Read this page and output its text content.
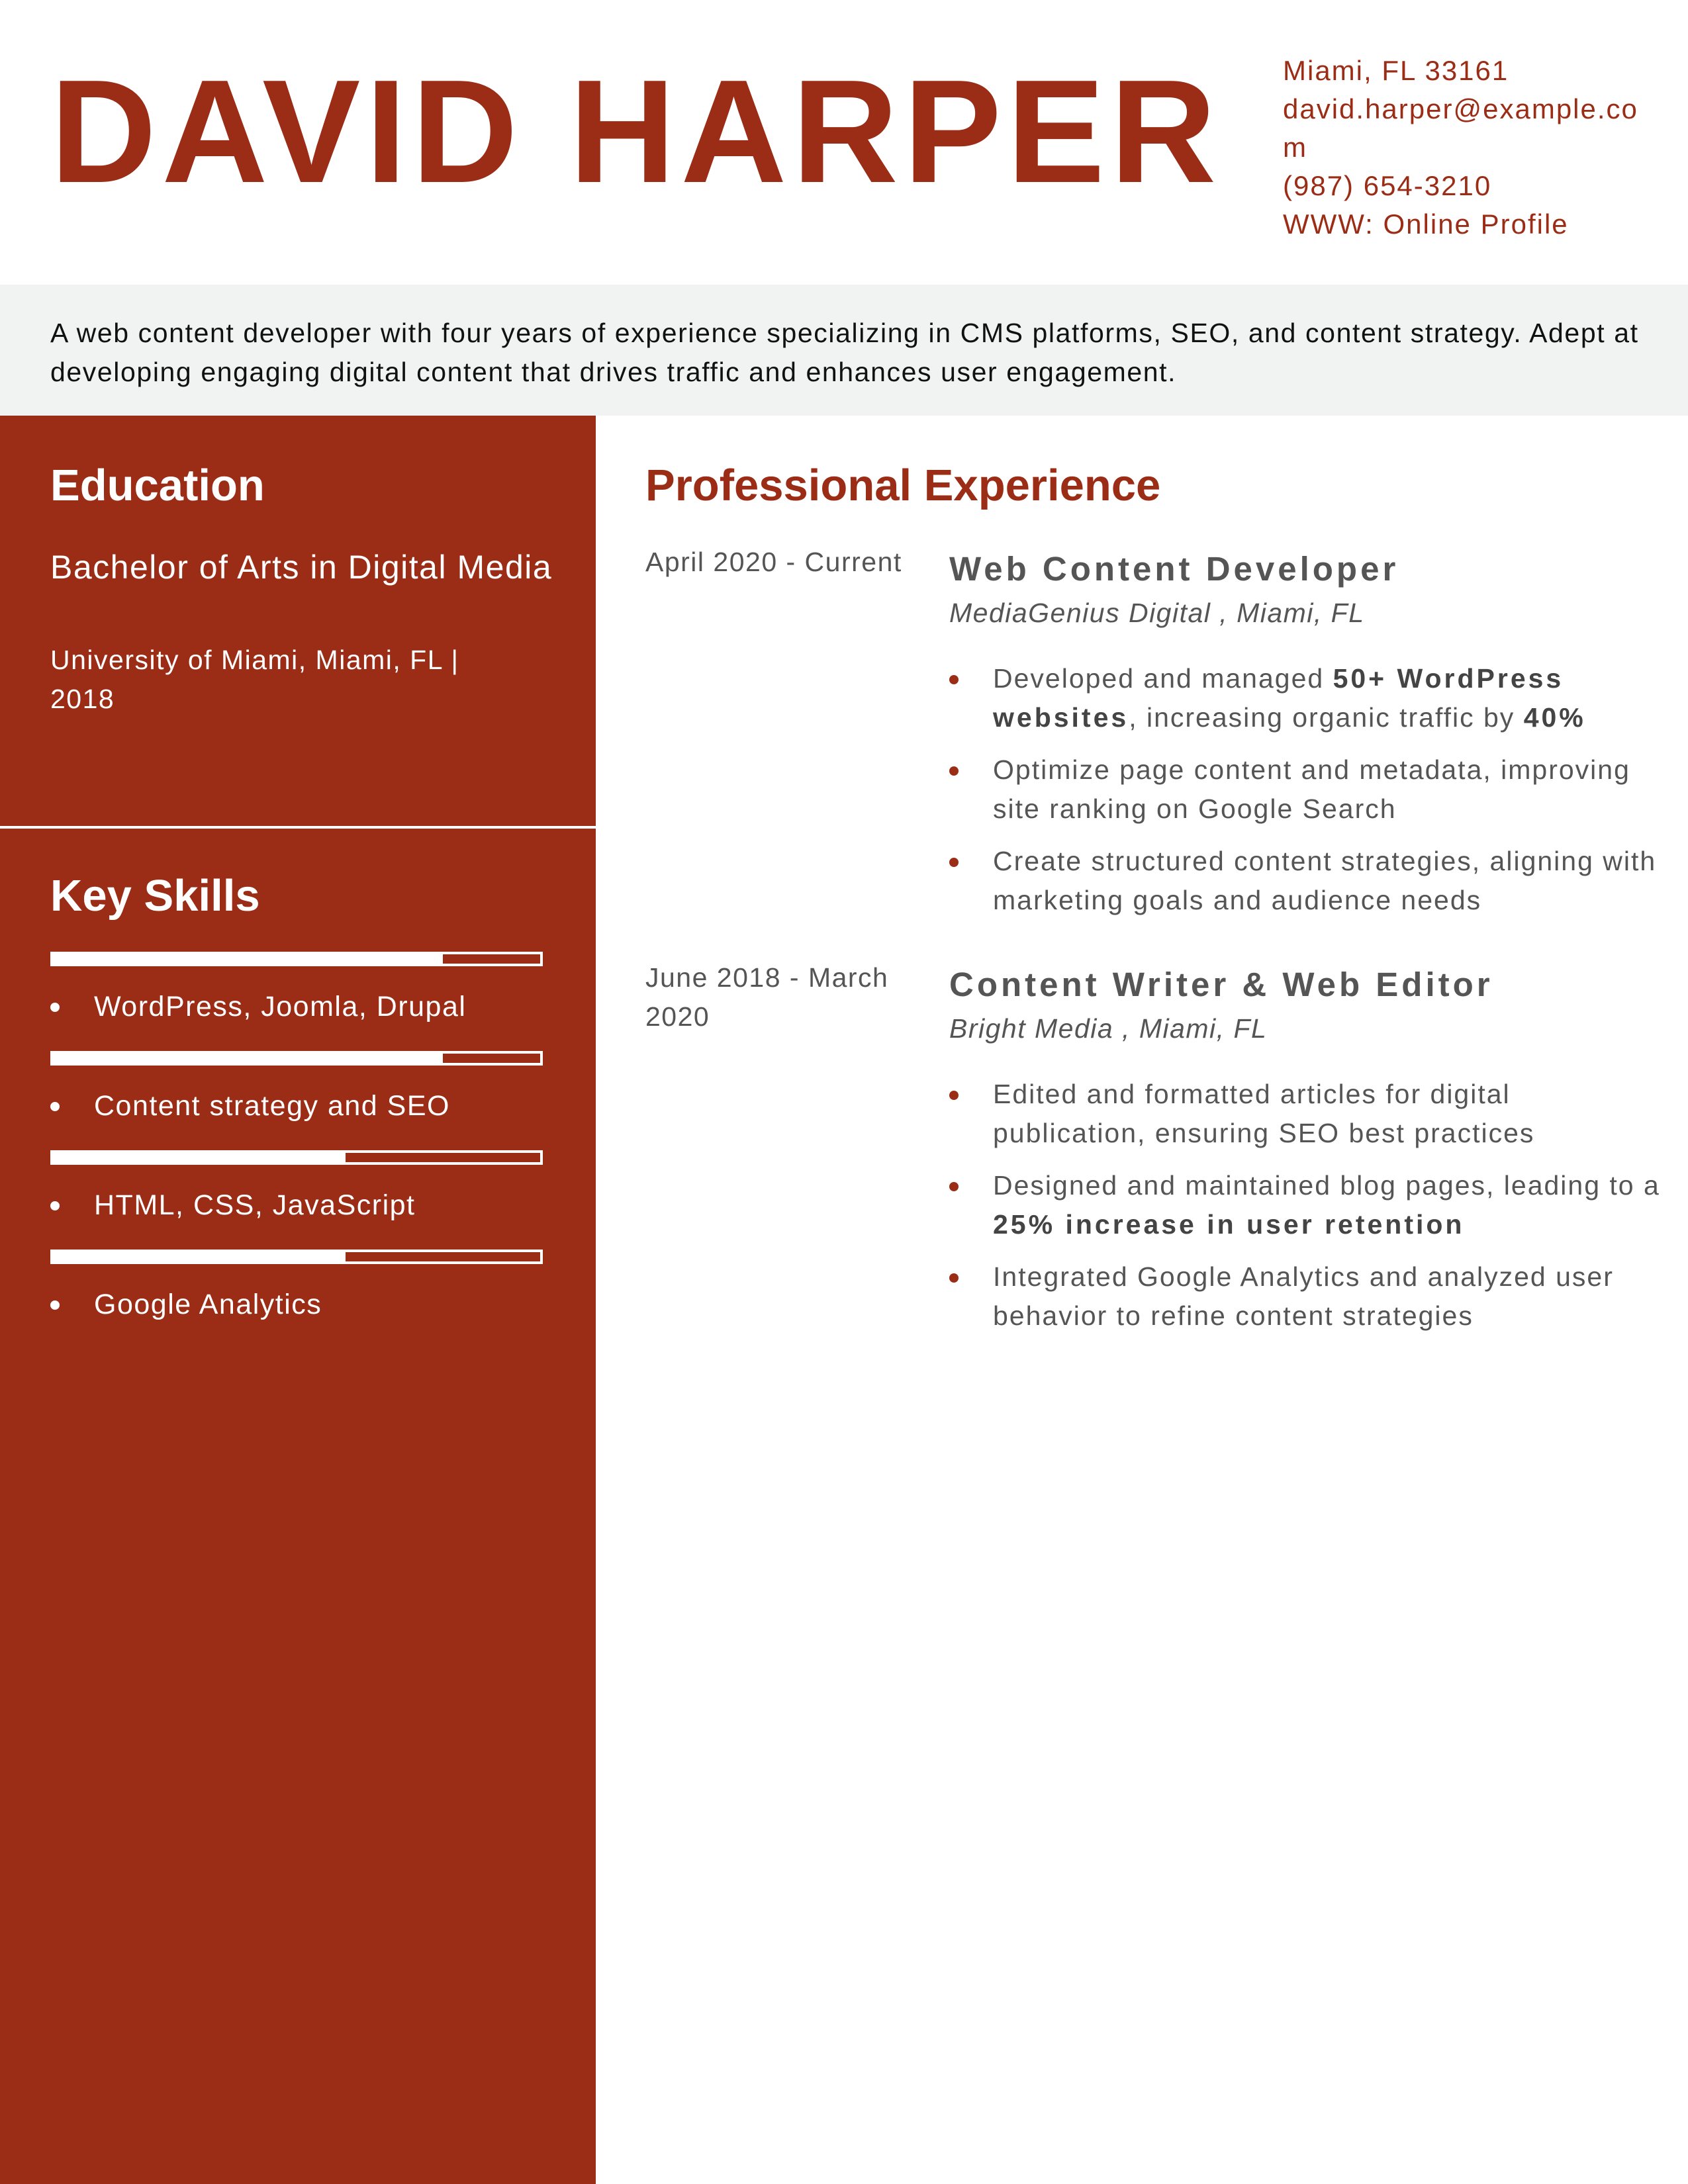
DAVID HARPER Miami, FL 33161
david.harper@example.com
(987) 654-3210
WWW: Online Profile
A web content developer with four years of experience specializing in CMS platforms, SEO, and content strategy. Adept at developing engaging digital content that drives traffic and enhances user engagement.
Education
Bachelor of Arts in Digital Media
University of Miami, Miami, FL | 2018
Key Skills
WordPress, Joomla, Drupal
Content strategy and SEO
HTML, CSS, JavaScript
Google Analytics
Professional Experience
April 2020 - Current	Web Content Developer
MediaGenius Digital , Miami, FL
Developed and managed 50+ WordPress websites, increasing organic traffic by 40%
Optimize page content and metadata, improving site ranking on Google Search
Create structured content strategies, aligning with marketing goals and audience needs
June 2018 - March 2020
Content Writer & Web Editor
Bright Media , Miami, FL
Edited and formatted articles for digital publication, ensuring SEO best practices
Designed and maintained blog pages, leading to a 25% increase in user retention
Integrated Google Analytics and analyzed user behavior to refine content strategies
